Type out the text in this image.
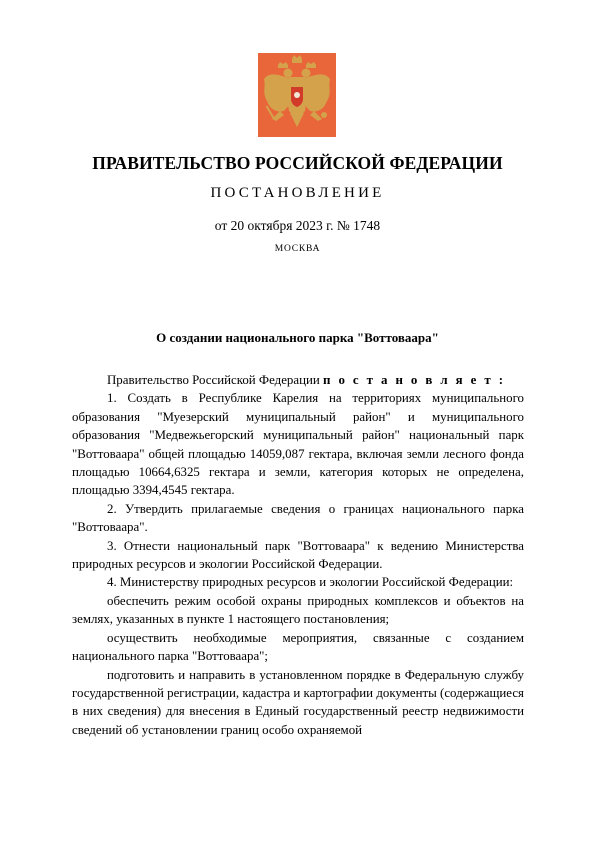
ПРАВИТЕЛЬСТВО РОССИЙСКОЙ ФЕДЕРАЦИИ
ПОСТАНОВЛЕНИЕ
от 20 октября 2023 г. № 1748
МОСКВА
О создании национального парка "Воттовaара"

Правительство Российской Федерации п о с т а н о в л я е т :

1. Создать в Республике Карелия на территориях муниципального образования "Муезерский муниципальный район" и муниципального образования "Медвежьегорский муниципальный район" национальный парк "Воттоваара" общей площадью 14059,087 гектара, включая земли лесного фонда площадью 10664,6325 гектара и земли, категория которых не определена, площадью 3394,4545 гектара.

2. Утвердить прилагаемые сведения о границах национального парка "Воттоваара".

3. Отнести национальный парк "Воттоваара" к ведению Министерства природных ресурсов и экологии Российской Федерации.

4. Министерству природных ресурсов и экологии Российской Федерации:

обеспечить режим особой охраны природных комплексов и объектов на землях, указанных в пункте 1 настоящего постановления;

осуществить необходимые мероприятия, связанные с созданием национального парка "Воттоваара";

подготовить и направить в установленном порядке в Федеральную службу государственной регистрации, кадастра и картографии документы (содержащиеся в них сведения) для внесения в Единый государственный реестр недвижимости сведений об установлении границ особо охраняемой
